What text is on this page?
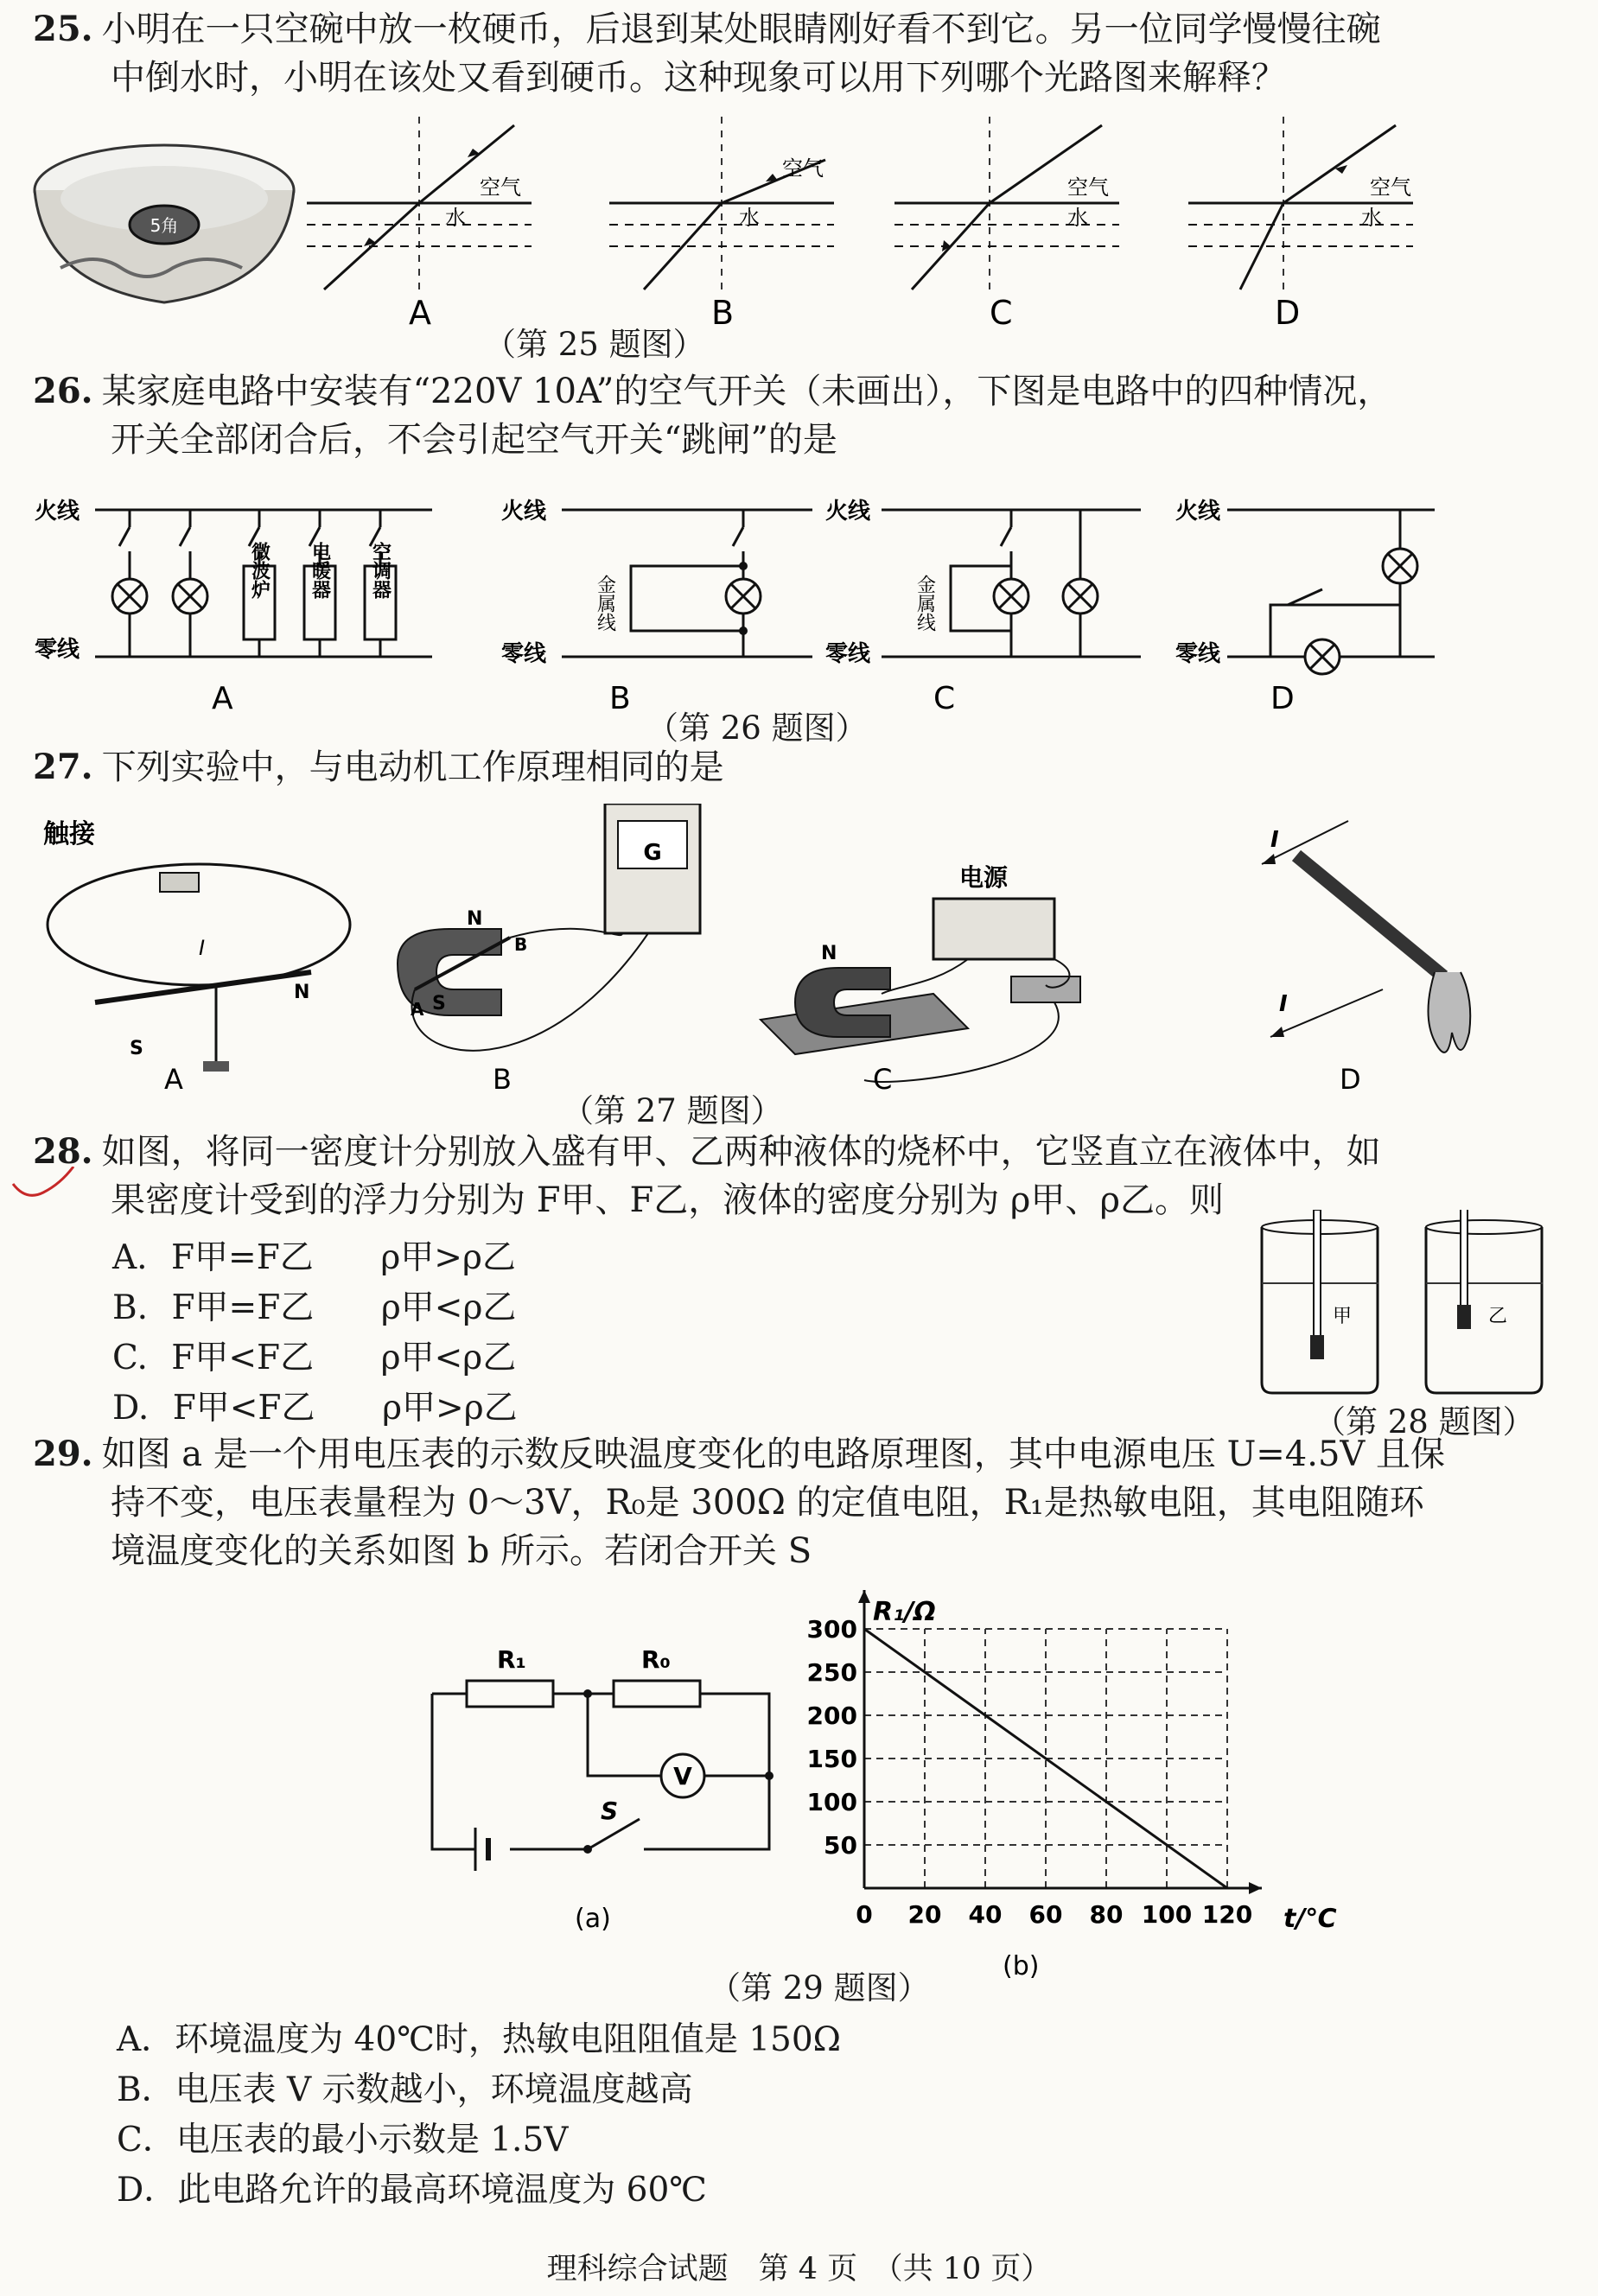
25. 小明在一只空碗中放一枚硬币，后退到某处眼睛刚好看不到它。另一位同学慢慢往碗
中倒水时，小明在该处又看到硬币。这种现象可以用下列哪个光路图来解释？
5角
空气
水
A
空气
水
B
空气
水
C
空气
水
D
（第 25 题图）
26. 某家庭电路中安装有“220V 10A”的空气开关（未画出），下图是电路中的四种情况，
开关全部闭合后，不会引起空气开关“跳闸”的是
火线
零线
微波炉 电暖器 空调器
A
火线
零线
金属线
B
火线
零线
金属线
C
火线
零线
D
（第 26 题图）
27. 下列实验中，与电动机工作原理相同的是
触接
S
N
I
A
G
N
S
A
B
B
电源
N
C
I
I
D
（第 27 题图）
28. 如图，将同一密度计分别放入盛有甲、乙两种液体的烧杯中，它竖直立在液体中，如
果密度计受到的浮力分别为 F甲、F乙，液体的密度分别为 ρ甲、ρ乙。则
A. F甲=F乙 ρ甲>ρ乙
B. F甲=F乙 ρ甲<ρ乙
C. F甲<F乙 ρ甲<ρ乙
D. F甲<F乙 ρ甲>ρ乙
甲	乙
（第 28 题图）
29. 如图 a 是一个用电压表的示数反映温度变化的电路原理图，其中电源电压 U=4.5V 且保
持不变，电压表量程为 0～3V，R₀是 300Ω 的定值电阻，R₁是热敏电阻，其电阻随环
境温度变化的关系如图 b 所示。若闭合开关 S
R₁	R₀
V
S
(a)
R₁/Ω
t/℃
(b)
0 20 40 60 80 100 120
50
100
150
200
250
300
（第 29 题图）
A．环境温度为 40℃时，热敏电阻阻值是 150Ω
B．电压表 V 示数越小，环境温度越高
C．电压表的最小示数是 1.5V
D．此电路允许的最高环境温度为 60℃
理科综合试题　第 4 页　（共 10 页）
